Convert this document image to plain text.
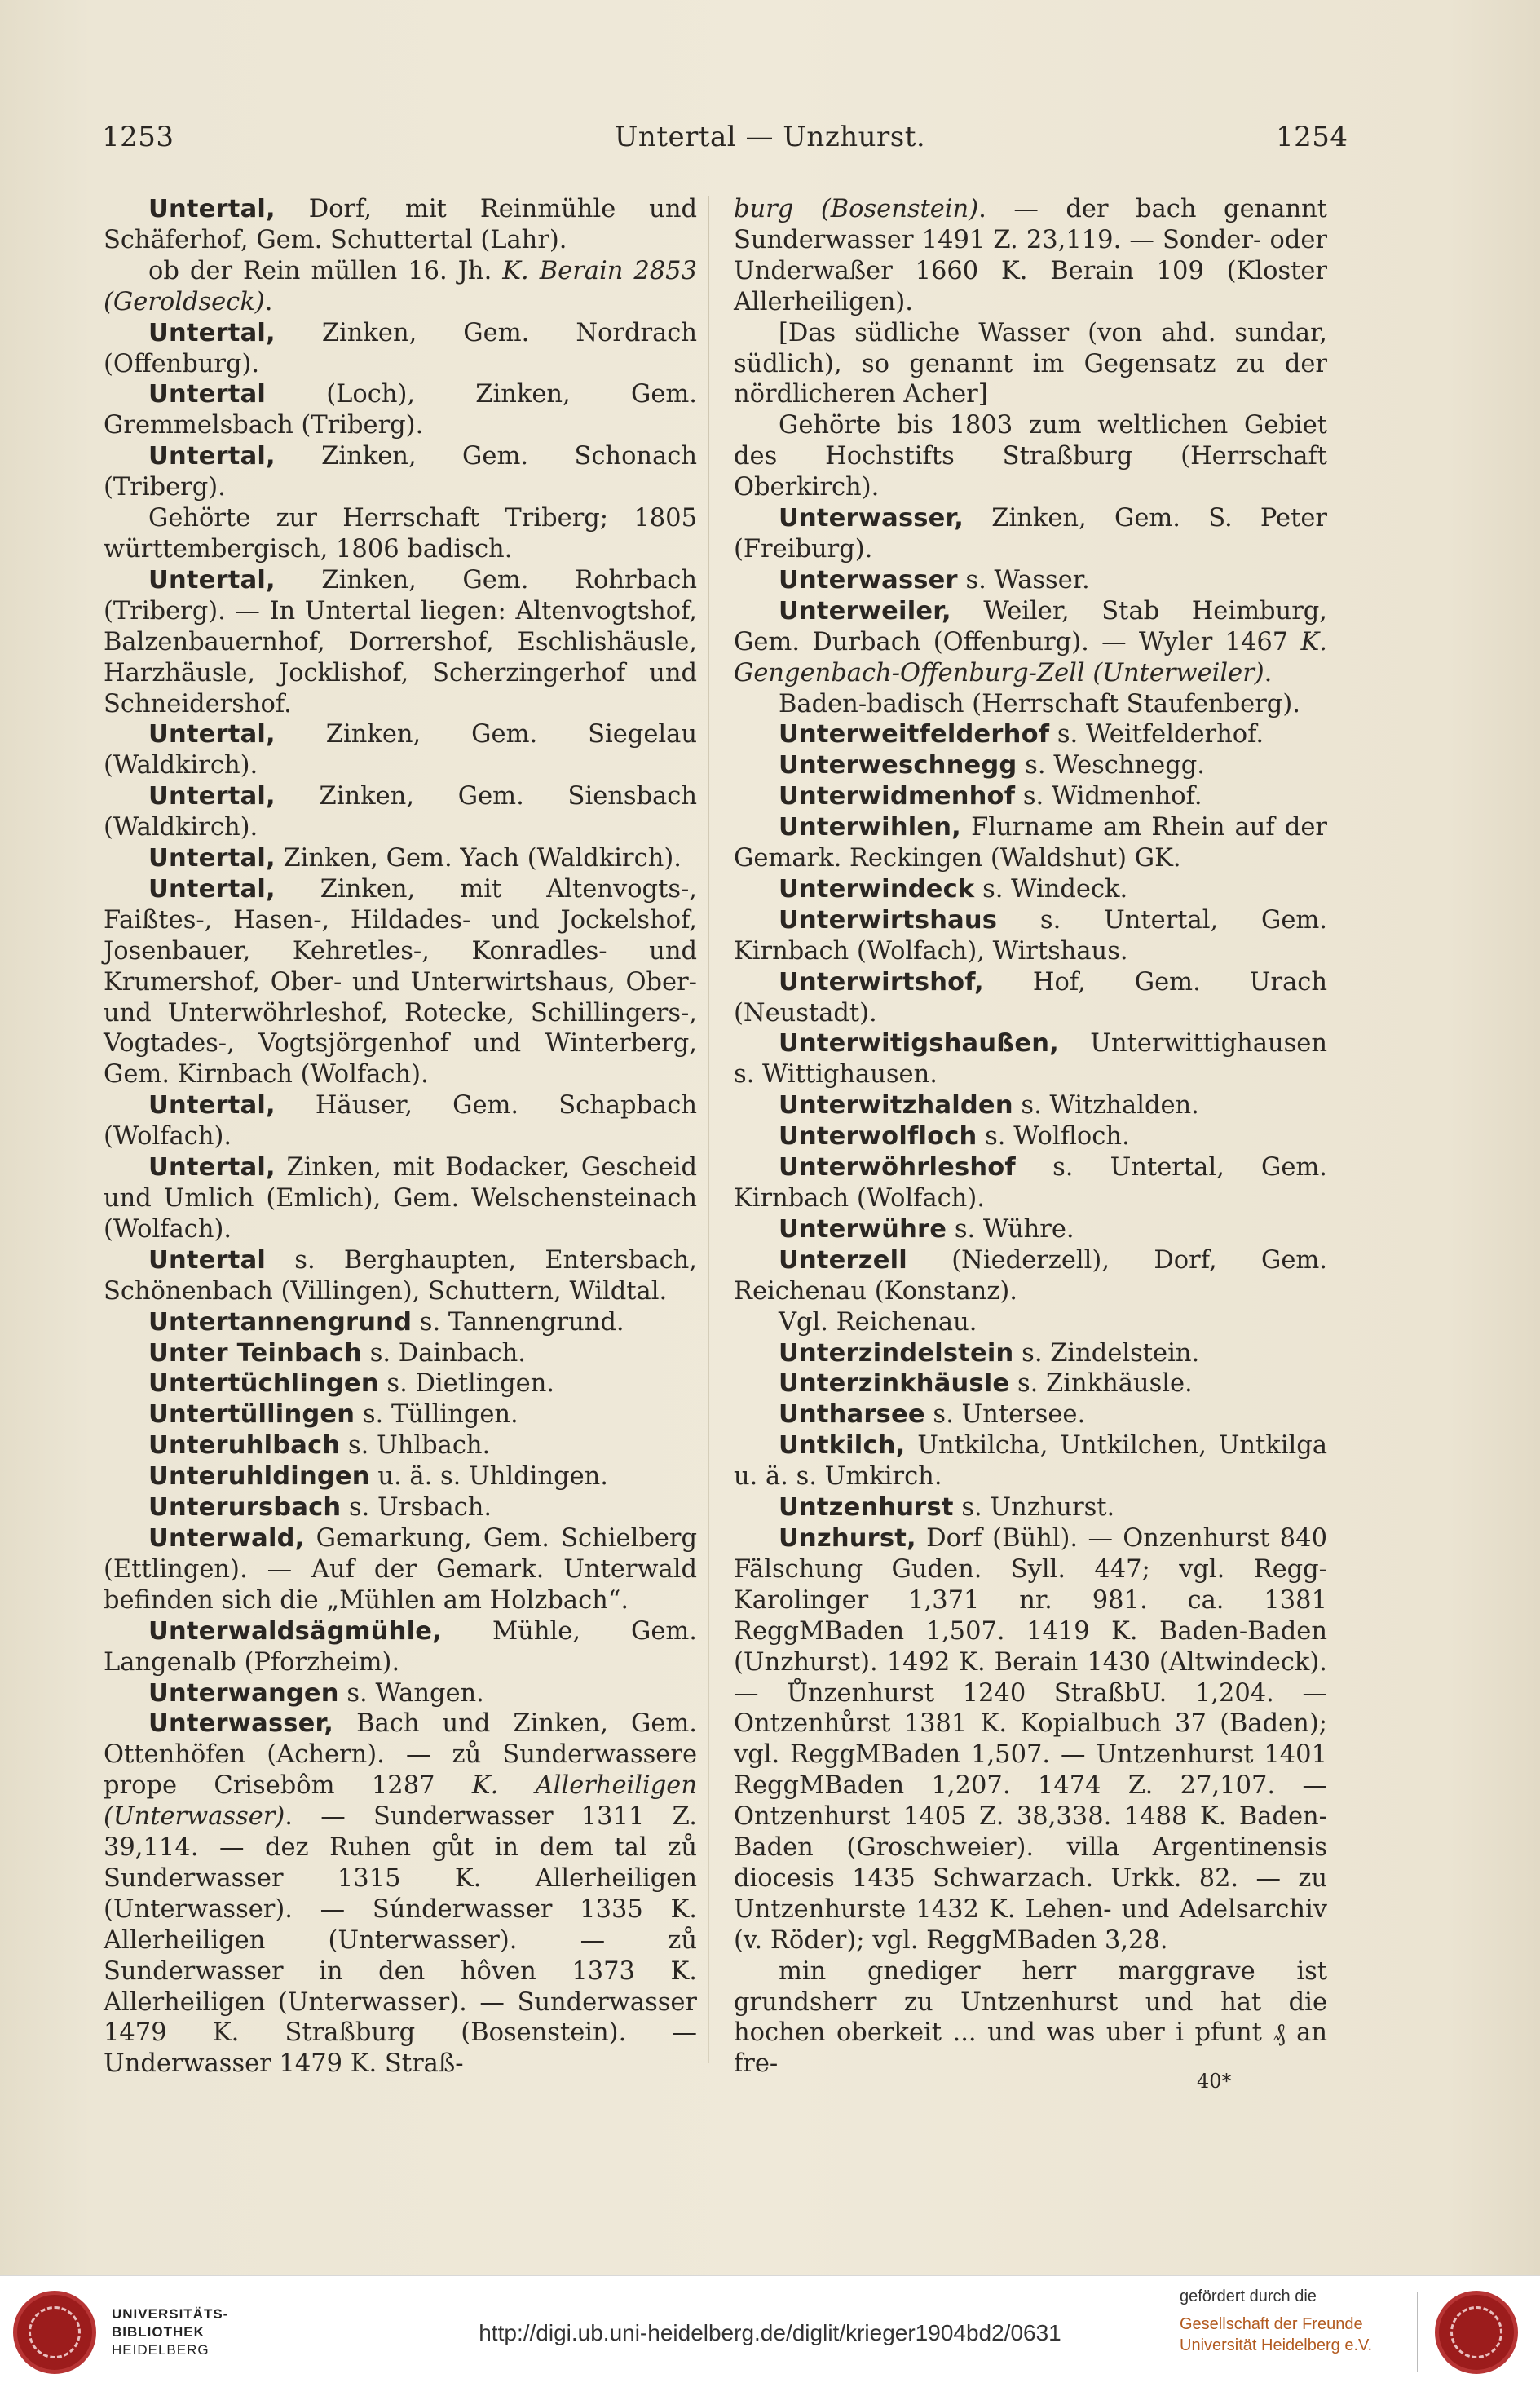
1253	Untertal — Unzhurst.	1254

Untertal, Dorf, mit Reinmühle und Schäferhof, Gem. Schuttertal (Lahr).

ob der Rein müllen 16. Jh. K. Berain 2853 (Geroldseck).

Untertal, Zinken, Gem. Nordrach (Offenburg).

Untertal (Loch), Zinken, Gem. Gremmelsbach (Triberg).

Untertal, Zinken, Gem. Schonach (Triberg).

Gehörte zur Herrschaft Triberg; 1805 württembergisch, 1806 badisch.

Untertal, Zinken, Gem. Rohrbach (Triberg). — In Untertal liegen: Altenvogtshof, Balzenbauernhof, Dorrershof, Eschlishäusle, Harzhäusle, Jocklishof, Scherzingerhof und Schneidershof.

Untertal, Zinken, Gem. Siegelau (Waldkirch).

Untertal, Zinken, Gem. Siensbach (Waldkirch).

Untertal, Zinken, Gem. Yach (Waldkirch).

Untertal, Zinken, mit Altenvogts-, Faißtes-, Hasen-, Hildades- und Jockelshof, Josenbauer, Kehretles-, Konradles- und Krumershof, Ober- und Unterwirtshaus, Ober- und Unterwöhrleshof, Rotecke, Schillingers-, Vogtades-, Vogtsjörgenhof und Winterberg, Gem. Kirnbach (Wolfach).

Untertal, Häuser, Gem. Schapbach (Wolfach).

Untertal, Zinken, mit Bodacker, Gescheid und Umlich (Emlich), Gem. Welschensteinach (Wolfach).

Untertal s. Berghaupten, Entersbach, Schönenbach (Villingen), Schuttern, Wildtal.

Untertannengrund s. Tannengrund.

Unter Teinbach s. Dainbach.

Untertüchlingen s. Dietlingen.

Untertüllingen s. Tüllingen.

Unteruhlbach s. Uhlbach.

Unteruhldingen u. ä. s. Uhldingen.

Unterursbach s. Ursbach.

Unterwald, Gemarkung, Gem. Schielberg (Ettlingen). — Auf der Gemark. Unterwald befinden sich die „Mühlen am Holzbach“.

Unterwaldsägmühle, Mühle, Gem. Langenalb (Pforzheim).

Unterwangen s. Wangen.

Unterwasser, Bach und Zinken, Gem. Ottenhöfen (Achern). — zů Sunderwassere prope Crisebôm 1287 K. Allerheiligen (Unterwasser). — Sunderwasser 1311 Z. 39,114. — dez Ruhen gůt in dem tal zů Sunderwasser 1315 K. Allerheiligen (Unterwasser). — Súnderwasser 1335 K. Allerheiligen (Unterwasser). — zů Sunderwasser in den hôven 1373 K. Allerheiligen (Unterwasser). — Sunderwasser 1479 K. Straßburg (Bosenstein). — Underwasser 1479 K. Straß-

burg (Bosenstein). — der bach genannt Sunderwasser 1491 Z. 23,119. — Sonder- oder Underwaßer 1660 K. Berain 109 (Kloster Allerheiligen).

[Das südliche Wasser (von ahd. sundar, südlich), so genannt im Gegensatz zu der nördlicheren Acher]

Gehörte bis 1803 zum weltlichen Gebiet des Hochstifts Straßburg (Herrschaft Oberkirch).

Unterwasser, Zinken, Gem. S. Peter (Freiburg).

Unterwasser s. Wasser.

Unterweiler, Weiler, Stab Heimburg, Gem. Durbach (Offenburg). — Wyler 1467 K. Gengenbach-Offenburg-Zell (Unterweiler).

Baden-badisch (Herrschaft Staufenberg).

Unterweitfelderhof s. Weitfelderhof.

Unterweschnegg s. Weschnegg.

Unterwidmenhof s. Widmenhof.

Unterwihlen, Flurname am Rhein auf der Gemark. Reckingen (Waldshut) GK.

Unterwindeck s. Windeck.

Unterwirtshaus s. Untertal, Gem. Kirnbach (Wolfach), Wirtshaus.

Unterwirtshof, Hof, Gem. Urach (Neustadt).

Unterwitigshaußen, Unterwittighausen s. Wittighausen.

Unterwitzhalden s. Witzhalden.

Unterwolfloch s. Wolfloch.

Unterwöhrleshof s. Untertal, Gem. Kirnbach (Wolfach).

Unterwühre s. Wühre.

Unterzell (Niederzell), Dorf, Gem. Reichenau (Konstanz).

Vgl. Reichenau.

Unterzindelstein s. Zindelstein.

Unterzinkhäusle s. Zinkhäusle.

Untharsee s. Untersee.

Untkilch, Untkilcha, Untkilchen, Untkilga u. ä. s. Umkirch.

Untzenhurst s. Unzhurst.

Unzhurst, Dorf (Bühl). — Onzenhurst 840 Fälschung Guden. Syll. 447; vgl. Regg-Karolinger 1,371 nr. 981. ca. 1381 ReggMBaden 1,507. 1419 K. Baden-Baden (Unzhurst). 1492 K. Berain 1430 (Altwindeck). — Ůnzenhurst 1240 StraßbU. 1,204. — Ontzenhůrst 1381 K. Kopialbuch 37 (Baden); vgl. ReggMBaden 1,507. — Untzenhurst 1401 ReggMBaden 1,207. 1474 Z. 27,107. — Ontzenhurst 1405 Z. 38,338. 1488 K. Baden-Baden (Groschweier). villa Argentinensis diocesis 1435 Schwarzach. Urkk. 82. — zu Untzenhurste 1432 K. Lehen- und Adelsarchiv (v. Röder); vgl. ReggMBaden 3,28.

min gnediger herr marggrave ist grundsherr zu Untzenhurst und hat die hochen oberkeit ... und was uber i pfunt ₰ an fre-

40*
UNIVERSITÄTS-
BIBLIOTHEK
HEIDELBERG
http://digi.ub.uni-heidelberg.de/diglit/krieger1904bd2/0631
gefördert durch die
Gesellschaft der Freunde
Universität Heidelberg e.V.
